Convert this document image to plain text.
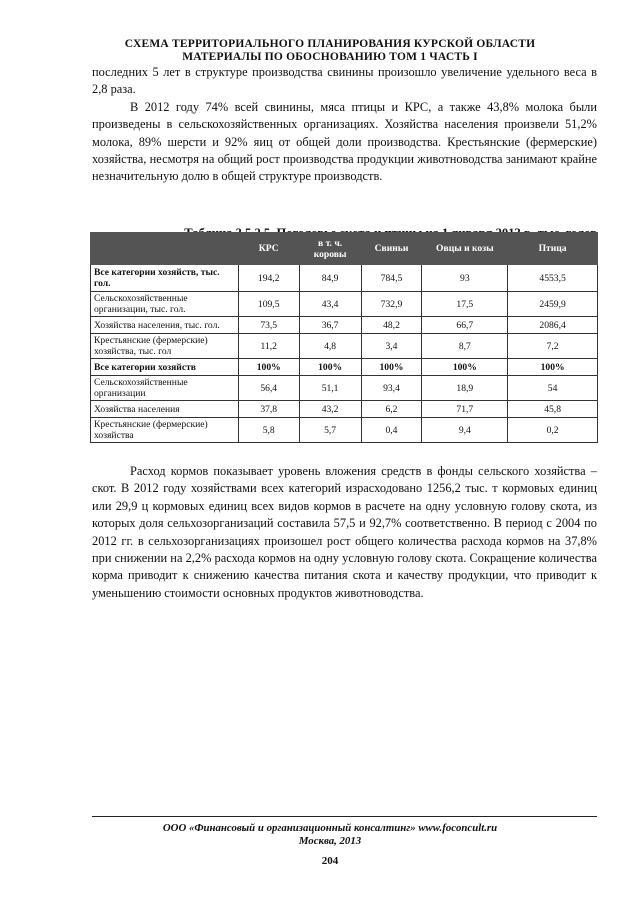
СХЕМА ТЕРРИТОРИАЛЬНОГО ПЛАНИРОВАНИЯ КУРСКОЙ ОБЛАСТИ
МАТЕРИАЛЫ ПО ОБОСНОВАНИЮ ТОМ 1 ЧАСТЬ I

последних 5 лет в структуре производства свинины произошло увеличение удельного веса в 2,8 раза.

В 2012 году 74% всей свинины, мяса птицы и КРС, а также 43,8% молока были произведены в сельскохозяйственных организациях. Хозяйства населения произвели 51,2% молока, 89% шерсти и 92% яиц от общей доли производства. Крестьянские (фермерские) хозяйства, несмотря на общий рост производства продукции животноводства занимают крайне незначительную долю в общей структуре производств.

	КРС	в т. ч. коровы	Свиньи	Овцы и козы	Птица
Все категории хозяйств, тыс. гол.	194,2	84,9	784,5	93	4553,5
Сельскохозяйственные организации, тыс. гол.	109,5	43,4	732,9	17,5	2459,9
Хозяйства населения, тыс. гол.	73,5	36,7	48,2	66,7	2086,4
Крестьянские (фермерские) хозяйства, тыс. гол	11,2	4,8	3,4	8,7	7,2
Все категории хозяйств	100%	100%	100%	100%	100%
Сельскохозяйственные организации	56,4	51,1	93,4	18,9	54
Хозяйства населения	37,8	43,2	6,2	71,7	45,8
Крестьянские (фермерские) хозяйства	5,8	5,7	0,4	9,4	0,2

Расход кормов показывает уровень вложения средств в фонды сельского хозяйства – скот. В 2012 году хозяйствами всех категорий израсходовано 1256,2 тыс. т кормовых единиц или 29,9 ц кормовых единиц всех видов кормов в расчете на одну условную голову скота, из которых доля сельхозорганизаций составила 57,5 и 92,7% соответственно. В период с 2004 по 2012 гг. в сельхозорганизациях произошел рост общего количества расхода кормов на 37,8% при снижении на 2,2% расхода кормов на одну условную голову скота. Сокращение количества корма приводит к снижению качества питания скота и качеству продукции, что приводит к уменьшению стоимости основных продуктов животноводства.

ООО «Финансовый и организационный консалтинг» www.foconcult.ru
Москва, 2013
204
